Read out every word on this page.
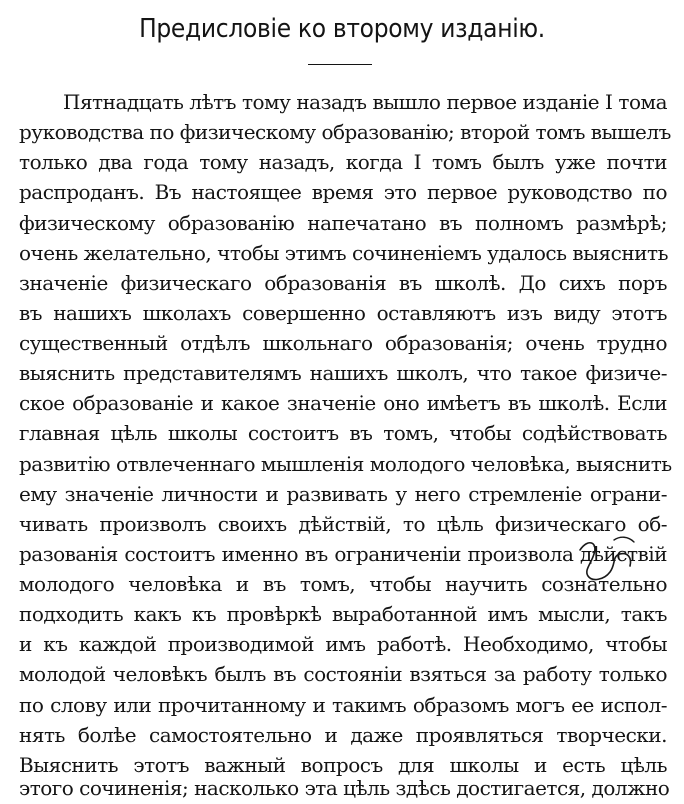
Предисловіе ко второму изданію.
Пятнадцать лѣтъ тому назадъ вышло первое изданіе I тома
руководства по физическому образованію; второй томъ вышелъ
только два года тому назадъ, когда I томъ былъ уже почти
распроданъ. Въ настоящее время это первое руководство по
физическому образованію напечатано въ полномъ размѣрѣ;
очень желательно, чтобы этимъ сочиненіемъ удалось выяснить
значеніе физическаго образованія въ школѣ. До сихъ поръ
въ нашихъ школахъ совершенно оставляютъ изъ виду этотъ
существенный отдѣлъ школьнаго образованія; очень трудно
выяснить представителямъ нашихъ школъ, что такое физиче-
ское образованіе и какое значеніе оно имѣетъ въ школѣ. Если
главная цѣль школы состоитъ въ томъ, чтобы содѣйствовать
развитію отвлеченнаго мышленія молодого человѣка, выяснить
ему значеніе личности и развивать у него стремленіе ограни-
чивать произволъ своихъ дѣйствій, то цѣль физическаго об-
разованія состоитъ именно въ ограниченіи произвола дѣйствій
молодого человѣка и въ томъ, чтобы научить сознательно
подходить какъ къ провѣркѣ выработанной имъ мысли, такъ
и къ каждой производимой имъ работѣ. Необходимо, чтобы
молодой человѣкъ былъ въ состояніи взяться за работу только
по слову или прочитанному и такимъ образомъ могъ ее испол-
нять болѣе самостоятельно и даже проявляться творчески.
Выяснить этотъ важный вопросъ для школы и есть цѣль
этого сочиненія; насколько эта цѣль здѣсь достигается, должно
